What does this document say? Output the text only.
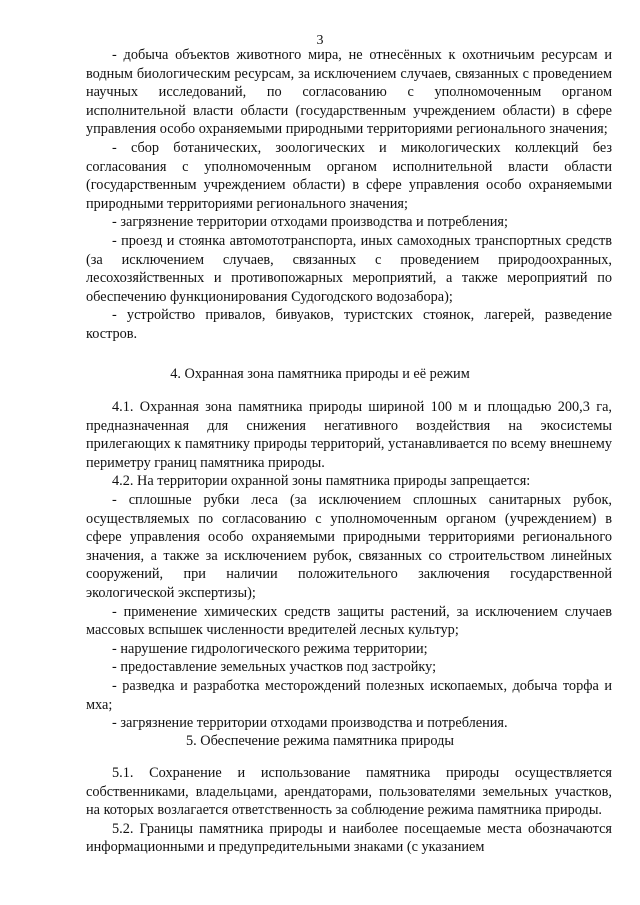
3

- добыча объектов животного мира, не отнесённых к охотничьим ресурсам и водным биологическим ресурсам, за исключением случаев, связанных с проведением научных исследований, по согласованию с уполномоченным органом исполнительной власти области (государственным учреждением области) в сфере управления особо охраняемыми природными территориями регионального значения;

- сбор ботанических, зоологических и микологических коллекций без согласования с уполномоченным органом исполнительной власти области (государственным учреждением области) в сфере управления особо охраняемыми природными территориями регионального значения;

- загрязнение территории отходами производства и потребления;

- проезд и стоянка автомототранспорта, иных самоходных транспортных средств (за исключением случаев, связанных с проведением природоохранных, лесохозяйственных и противопожарных мероприятий, а также мероприятий по обеспечению функционирования Судогодского водозабора);

- устройство привалов, бивуаков, туристских стоянок, лагерей, разведение костров.

4. Охранная зона памятника природы и её режим

4.1. Охранная зона памятника природы шириной 100 м и площадью 200,3 га, предназначенная для снижения негативного воздействия на экосистемы прилегающих к памятнику природы территорий, устанавливается по всему внешнему периметру границ памятника природы.

4.2. На территории охранной зоны памятника природы запрещается:

- сплошные рубки леса (за исключением сплошных санитарных рубок, осуществляемых по согласованию с уполномоченным органом (учреждением) в сфере управления особо охраняемыми природными территориями регионального значения, а также за исключением рубок, связанных со строительством линейных сооружений, при наличии положительного заключения государственной экологической экспертизы);

- применение химических средств защиты растений, за исключением случаев массовых вспышек численности вредителей лесных культур;

- нарушение гидрологического режима территории;

- предоставление земельных участков под застройку;

- разведка и разработка месторождений полезных ископаемых, добыча торфа и мха;

- загрязнение территории отходами производства и потребления.

5. Обеспечение режима памятника природы

5.1. Сохранение и использование памятника природы осуществляется собственниками, владельцами, арендаторами, пользователями земельных участков, на которых возлагается ответственность за соблюдение режима памятника природы.

5.2. Границы памятника природы и наиболее посещаемые места обозначаются информационными и предупредительными знаками (с указанием
